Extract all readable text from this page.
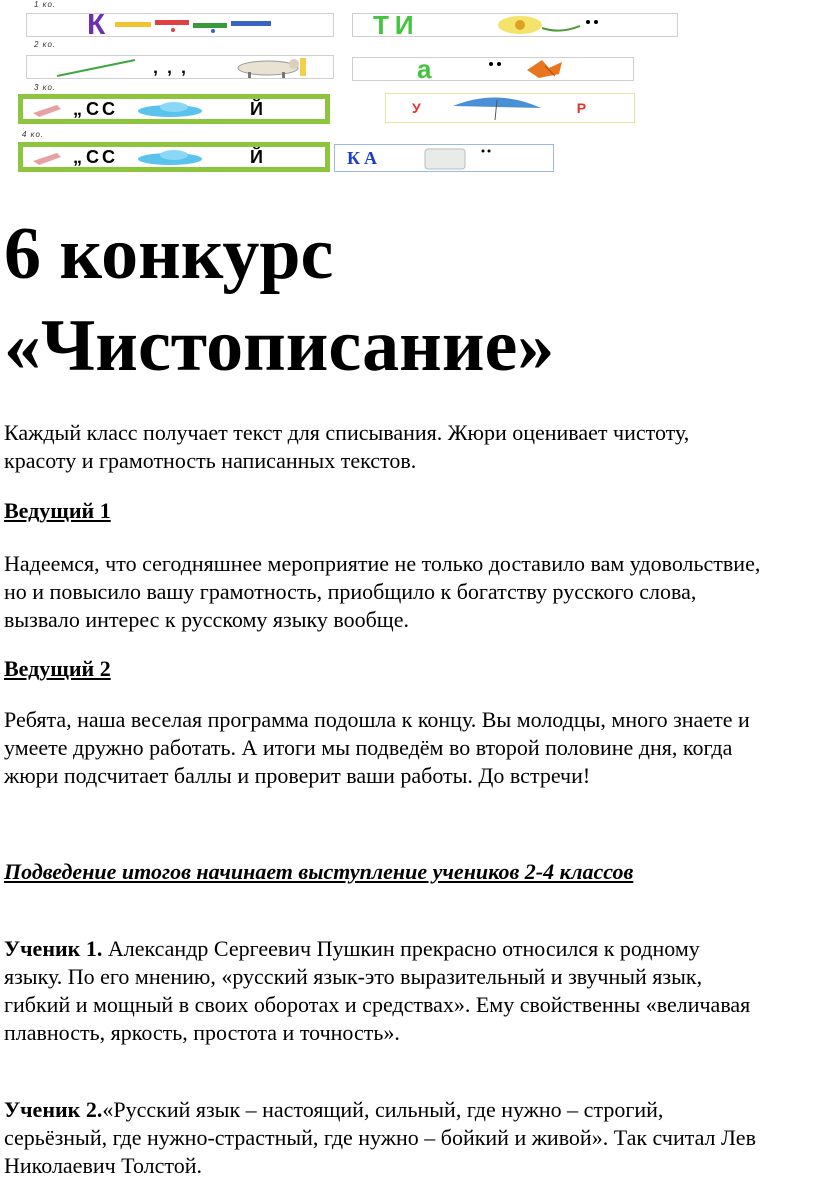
1 ко.
К	ТИ
2 ко.
‚ ‚ ‚	а
3 ко.
„ СС	Й	У	Р
4 ко.
„ СС	Й	КА
6 конкурс
«Чистописание»

Каждый класс получает текст для списывания. Жюри оценивает чистоту,
красоту и грамотность написанных текстов.

Ведущий 1

Надеемся, что сегодняшнее мероприятие не только доставило вам удовольствие,
но и повысило вашу грамотность, приобщило к богатству русского слова,
вызвало интерес к русскому языку вообще.

Ведущий 2

Ребята, наша веселая программа подошла к концу. Вы молодцы, много знаете и
умеете дружно работать. А итоги мы подведём во второй половине дня, когда
жюри подсчитает баллы и проверит ваши работы. До встречи!

Подведение итогов начинает выступление учеников 2-4 классов

Ученик 1. Александр Сергеевич Пушкин прекрасно относился к родному
языку. По его мнению, «русский язык-это выразительный и звучный язык,
гибкий и мощный в своих оборотах и средствах». Ему свойственны «величавая
плавность, яркость, простота и точность».

Ученик 2.«Русский язык – настоящий, сильный, где нужно – строгий,
серьёзный, где нужно-страстный, где нужно – бойкий и живой». Так считал Лев
Николаевич Толстой.
